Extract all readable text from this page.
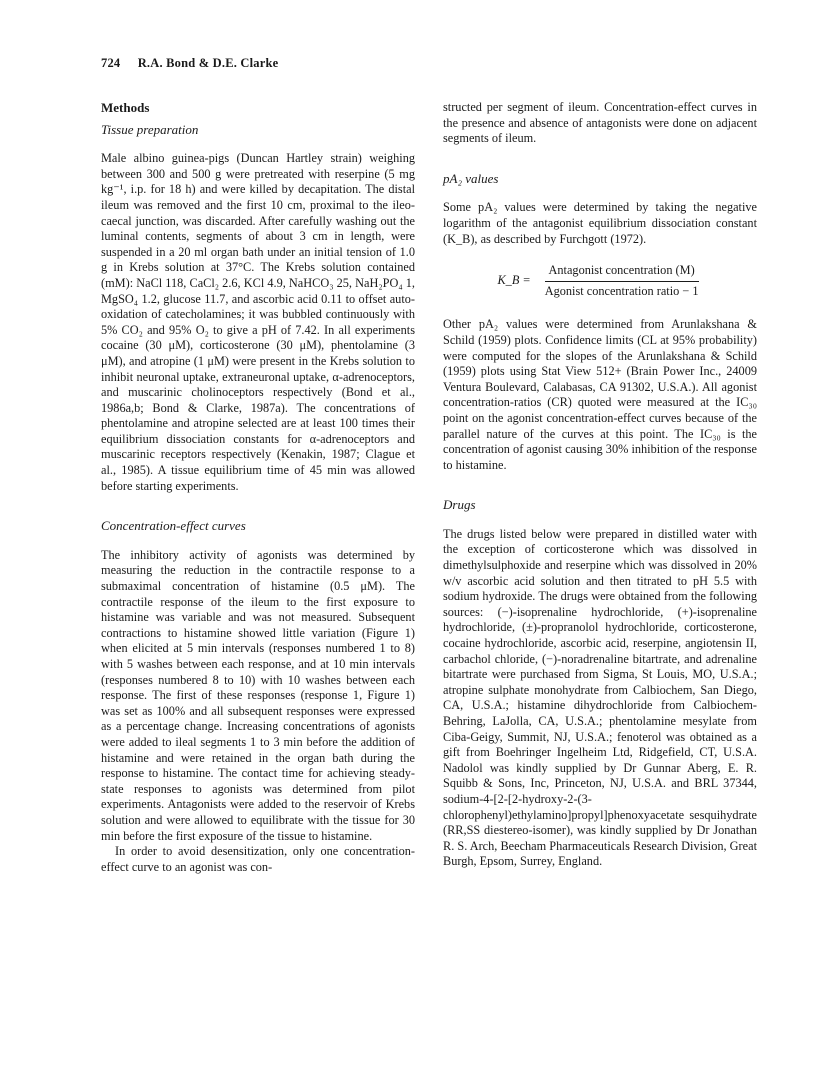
724 R.A. Bond & D.E. Clarke
Methods
Tissue preparation

Male albino guinea-pigs (Duncan Hartley strain) weighing between 300 and 500 g were pretreated with reserpine (5 mg kg⁻¹, i.p. for 18 h) and were killed by decapitation. The distal ileum was removed and the first 10 cm, proximal to the ileo-caecal junction, was discarded. After carefully washing out the luminal contents, segments of about 3 cm in length, were suspended in a 20 ml organ bath under an initial tension of 1.0 g in Krebs solution at 37°C. The Krebs solution contained (mM): NaCl 118, CaCl₂ 2.6, KCl 4.9, NaHCO₃ 25, NaH₂PO₄ 1, MgSO₄ 1.2, glucose 11.7, and ascorbic acid 0.11 to offset auto-oxidation of catecholamines; it was bubbled continuously with 5% CO₂ and 95% O₂ to give a pH of 7.42. In all experiments cocaine (30 μM), corticosterone (30 μM), phentolamine (3 μM), and atropine (1 μM) were present in the Krebs solution to inhibit neuronal uptake, extraneuronal uptake, α-adrenoceptors, and muscarinic cholinoceptors respectively (Bond et al., 1986a,b; Bond & Clarke, 1987a). The concentrations of phentolamine and atropine selected are at least 100 times their equilibrium dissociation constants for α-adrenoceptors and muscarinic receptors respectively (Kenakin, 1987; Clague et al., 1985). A tissue equilibrium time of 45 min was allowed before starting experiments.

Concentration-effect curves

The inhibitory activity of agonists was determined by measuring the reduction in the contractile response to a submaximal concentration of histamine (0.5 μM). The contractile response of the ileum to the first exposure to histamine was variable and was not measured. Subsequent contractions to histamine showed little variation (Figure 1) when elicited at 5 min intervals (responses numbered 1 to 8) with 5 washes between each response, and at 10 min intervals (responses numbered 8 to 10) with 10 washes between each response. The first of these responses (response 1, Figure 1) was set as 100% and all subsequent responses were expressed as a percentage change. Increasing concentrations of agonists were added to ileal segments 1 to 3 min before the addition of histamine and were retained in the organ bath during the response to histamine. The contact time for achieving steady-state responses to agonists was determined from pilot experiments. Antagonists were added to the reservoir of Krebs solution and were allowed to equilibrate with the tissue for 30 min before the first exposure of the tissue to histamine.

In order to avoid desensitization, only one concentration-effect curve to an agonist was con-

structed per segment of ileum. Concentration-effect curves in the presence and absence of antagonists were done on adjacent segments of ileum.

pA₂ values

Some pA₂ values were determined by taking the negative logarithm of the antagonist equilibrium dissociation constant (K_B), as described by Furchgott (1972).

K_B = $\frac{\text{Antagonist concentration (M)}}{\text{Agonist concentration ratio − 1}}$

Other pA₂ values were determined from Arunlakshana & Schild (1959) plots. Confidence limits (CL at 95% probability) were computed for the slopes of the Arunlakshana & Schild (1959) plots using Stat View 512+ (Brain Power Inc., 24009 Ventura Boulevard, Calabasas, CA 91302, U.S.A.). All agonist concentration-ratios (CR) quoted were measured at the IC₃₀ point on the agonist concentration-effect curves because of the parallel nature of the curves at this point. The IC₃₀ is the concentration of agonist causing 30% inhibition of the response to histamine.

Drugs

The drugs listed below were prepared in distilled water with the exception of corticosterone which was dissolved in dimethylsulphoxide and reserpine which was dissolved in 20% w/v ascorbic acid solution and then titrated to pH 5.5 with sodium hydroxide. The drugs were obtained from the following sources: (−)-isoprenaline hydrochloride, (+)-isoprenaline hydrochloride, (±)-propranolol hydrochloride, corticosterone, cocaine hydrochloride, ascorbic acid, reserpine, angiotensin II, carbachol chloride, (−)-noradrenaline bitartrate, and adrenaline bitartrate were purchased from Sigma, St Louis, MO, U.S.A.; atropine sulphate monohydrate from Calbiochem, San Diego, CA, U.S.A.; histamine dihydrochloride from Calbiochem-Behring, LaJolla, CA, U.S.A.; phentolamine mesylate from Ciba-Geigy, Summit, NJ, U.S.A.; fenoterol was obtained as a gift from Boehringer Ingelheim Ltd, Ridgefield, CT, U.S.A. Nadolol was kindly supplied by Dr Gunnar Aberg, E. R. Squibb & Sons, Inc, Princeton, NJ, U.S.A. and BRL 37344, sodium-4-[2-[2-hydroxy-2-(3-chlorophenyl)ethylamino]propyl]phenoxyacetate sesquihydrate (RR,SS diestereo-isomer), was kindly supplied by Dr Jonathan R. S. Arch, Beecham Pharmaceuticals Research Division, Great Burgh, Epsom, Surrey, England.
